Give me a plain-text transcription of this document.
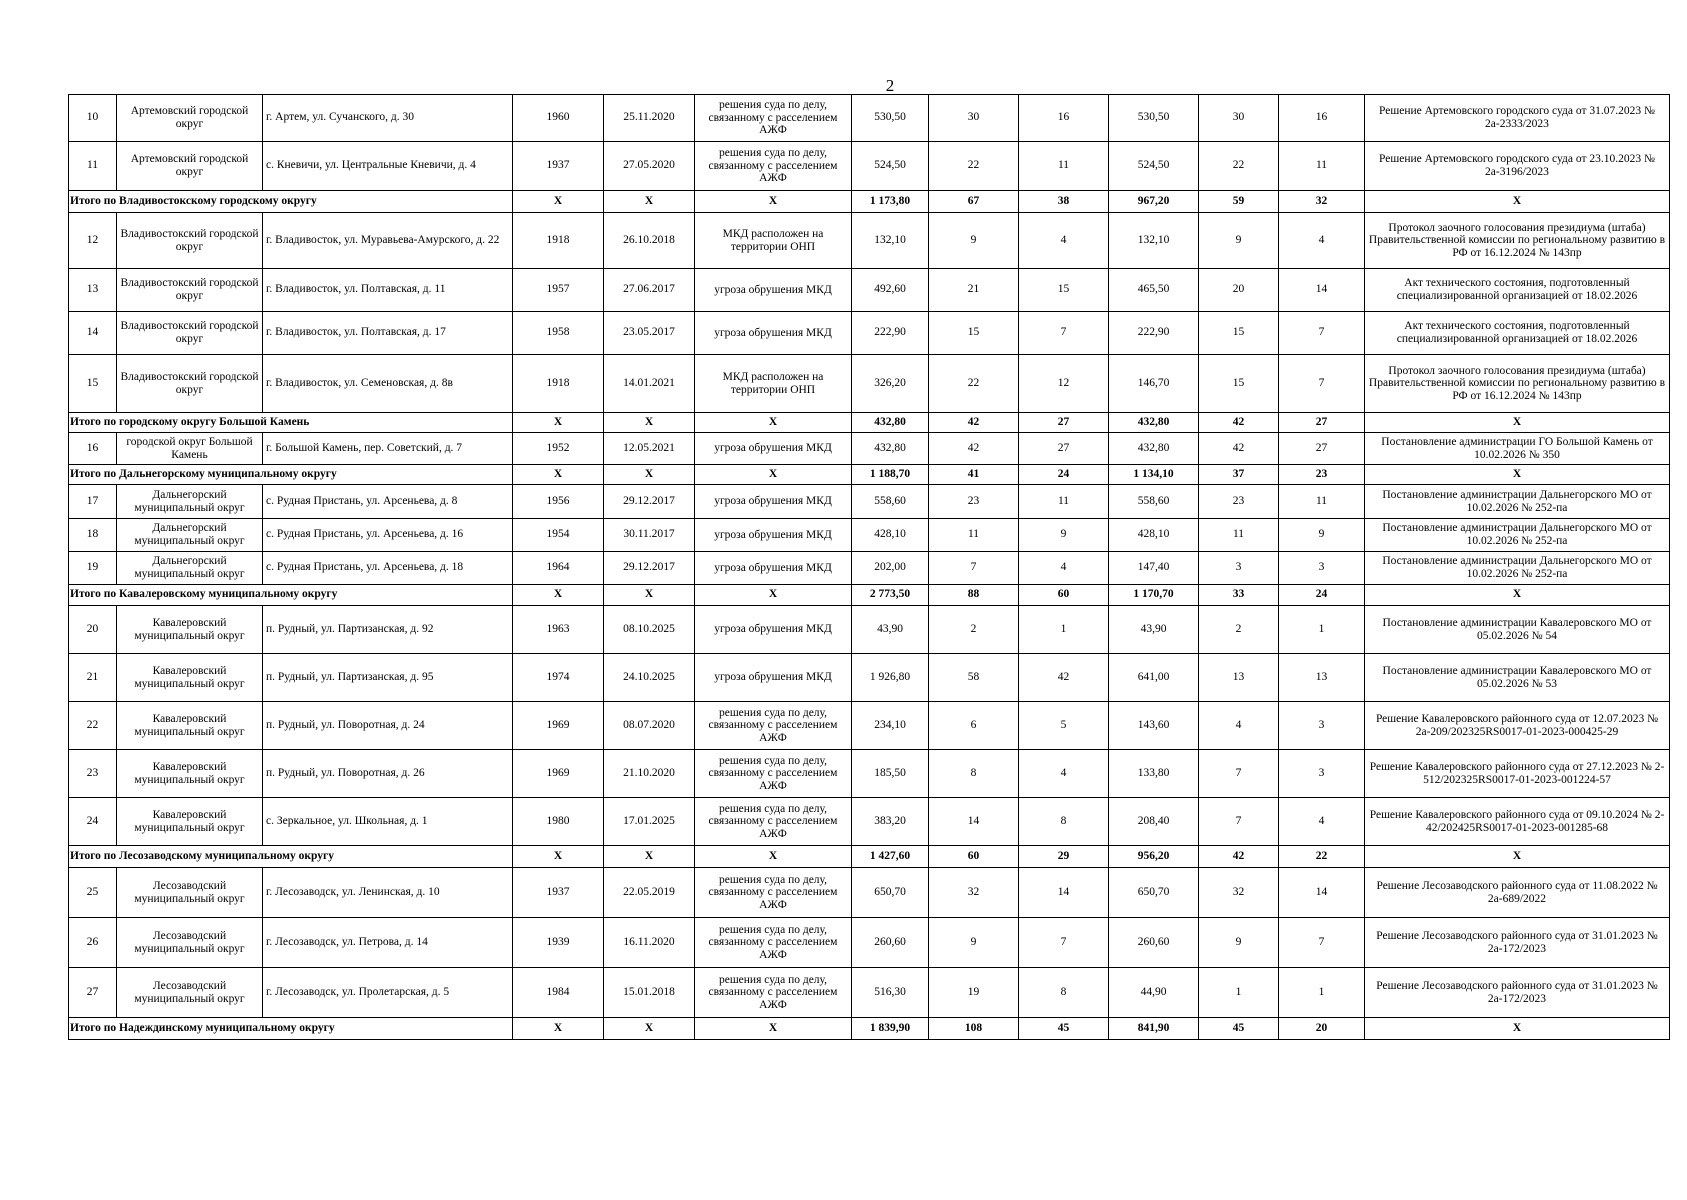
2
10	Артемовский городской округ	г. Артем, ул. Сучанского, д. 30	1960	25.11.2020	решения суда по делу, связанному с расселением АЖФ	530,50	30	16	530,50	30	16	Решение Артемовского городского суда от 31.07.2023 № 2а-2333/2023
11	Артемовский городской округ	с. Кневичи, ул. Центральные Кневичи, д. 4	1937	27.05.2020	решения суда по делу, связанному с расселением АЖФ	524,50	22	11	524,50	22	11	Решение Артемовского городского суда от 23.10.2023 № 2а-3196/2023
Итого по Владивостокскому городскому округу			X	X	X	1 173,80	67	38	967,20	59	32	X
12	Владивостокский городской округ	г. Владивосток, ул. Муравьева-Амурского, д. 22	1918	26.10.2018	МКД расположен на территории ОНП	132,10	9	4	132,10	9	4	Протокол заочного голосования президиума (штаба) Правительственной комиссии по региональному развитию в РФ от 16.12.2024 № 143пр
13	Владивостокский городской округ	г. Владивосток, ул. Полтавская, д. 11	1957	27.06.2017	угроза обрушения МКД	492,60	21	15	465,50	20	14	Акт технического состояния, подготовленный специализированной организацией от 18.02.2026
14	Владивостокский городской округ	г. Владивосток, ул. Полтавская, д. 17	1958	23.05.2017	угроза обрушения МКД	222,90	15	7	222,90	15	7	Акт технического состояния, подготовленный специализированной организацией от 18.02.2026
15	Владивостокский городской округ	г. Владивосток, ул. Семеновская, д. 8в	1918	14.01.2021	МКД расположен на территории ОНП	326,20	22	12	146,70	15	7	Протокол заочного голосования президиума (штаба) Правительственной комиссии по региональному развитию в РФ от 16.12.2024 № 143пр
Итого по городскому округу Большой Камень			X	X	X	432,80	42	27	432,80	42	27	X
16	городской округ Большой Камень	г. Большой Камень, пер. Советский, д. 7	1952	12.05.2021	угроза обрушения МКД	432,80	42	27	432,80	42	27	Постановление администрации ГО Большой Камень от 10.02.2026 № 350
Итого по Дальнегорскому муниципальному округу			X	X	X	1 188,70	41	24	1 134,10	37	23	X
17	Дальнегорский муниципальный округ	с. Рудная Пристань, ул. Арсеньева, д. 8	1956	29.12.2017	угроза обрушения МКД	558,60	23	11	558,60	23	11	Постановление администрации Дальнегорского МО от 10.02.2026 № 252-па
18	Дальнегорский муниципальный округ	с. Рудная Пристань, ул. Арсеньева, д. 16	1954	30.11.2017	угроза обрушения МКД	428,10	11	9	428,10	11	9	Постановление администрации Дальнегорского МО от 10.02.2026 № 252-па
19	Дальнегорский муниципальный округ	с. Рудная Пристань, ул. Арсеньева, д. 18	1964	29.12.2017	угроза обрушения МКД	202,00	7	4	147,40	3	3	Постановление администрации Дальнегорского МО от 10.02.2026 № 252-па
Итого по Кавалеровскому муниципальному округу			X	X	X	2 773,50	88	60	1 170,70	33	24	X
20	Кавалеровский муниципальный округ	п. Рудный, ул. Партизанская, д. 92	1963	08.10.2025	угроза обрушения МКД	43,90	2	1	43,90	2	1	Постановление администрации Кавалеровского МО от 05.02.2026 № 54
21	Кавалеровский муниципальный округ	п. Рудный, ул. Партизанская, д. 95	1974	24.10.2025	угроза обрушения МКД	1 926,80	58	42	641,00	13	13	Постановление администрации Кавалеровского МО от 05.02.2026 № 53
22	Кавалеровский муниципальный округ	п. Рудный, ул. Поворотная, д. 24	1969	08.07.2020	решения суда по делу, связанному с расселением АЖФ	234,10	6	5	143,60	4	3	Решение Кавалеровского районного суда от 12.07.2023 № 2а-209/202325RS0017-01-2023-000425-29
23	Кавалеровский муниципальный округ	п. Рудный, ул. Поворотная, д. 26	1969	21.10.2020	решения суда по делу, связанному с расселением АЖФ	185,50	8	4	133,80	7	3	Решение Кавалеровского районного суда от 27.12.2023 № 2-512/202325RS0017-01-2023-001224-57
24	Кавалеровский муниципальный округ	с. Зеркальное, ул. Школьная, д. 1	1980	17.01.2025	решения суда по делу, связанному с расселением АЖФ	383,20	14	8	208,40	7	4	Решение Кавалеровского районного суда от 09.10.2024 № 2-42/202425RS0017-01-2023-001285-68
Итого по Лесозаводскому муниципальному округу			X	X	X	1 427,60	60	29	956,20	42	22	X
25	Лесозаводский муниципальный округ	г. Лесозаводск, ул. Ленинская, д. 10	1937	22.05.2019	решения суда по делу, связанному с расселением АЖФ	650,70	32	14	650,70	32	14	Решение Лесозаводского районного суда от 11.08.2022 № 2а-689/2022
26	Лесозаводский муниципальный округ	г. Лесозаводск, ул. Петрова, д. 14	1939	16.11.2020	решения суда по делу, связанному с расселением АЖФ	260,60	9	7	260,60	9	7	Решение Лесозаводского районного суда от 31.01.2023 № 2а-172/2023
27	Лесозаводский муниципальный округ	г. Лесозаводск, ул. Пролетарская, д. 5	1984	15.01.2018	решения суда по делу, связанному с расселением АЖФ	516,30	19	8	44,90	1	1	Решение Лесозаводского районного суда от 31.01.2023 № 2а-172/2023
Итого по Надеждинскому муниципальному округу			X	X	X	1 839,90	108	45	841,90	45	20	X
